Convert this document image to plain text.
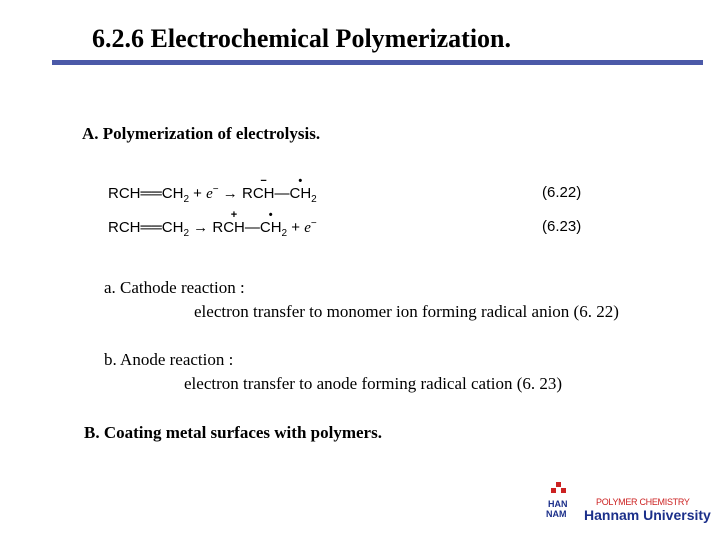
6.2.6 Electrochemical Polymerization.
A. Polymerization of electrolysis.
$RCH══CH_2 + e^- \to R$
−
CH—
•
$CH_2$	(6.22)
$RCH══CH_2 \to R$
+
CH—
•
$CH_2 + e^-$	(6.23)
a. Cathode reaction :
electron transfer to monomer ion forming radical anion (6. 22)
b. Anode reaction :
electron transfer to anode forming radical cation (6. 23)
B. Coating metal surfaces with polymers.
HAN
NAM
POLYMER CHEMISTRY
Hannam University
